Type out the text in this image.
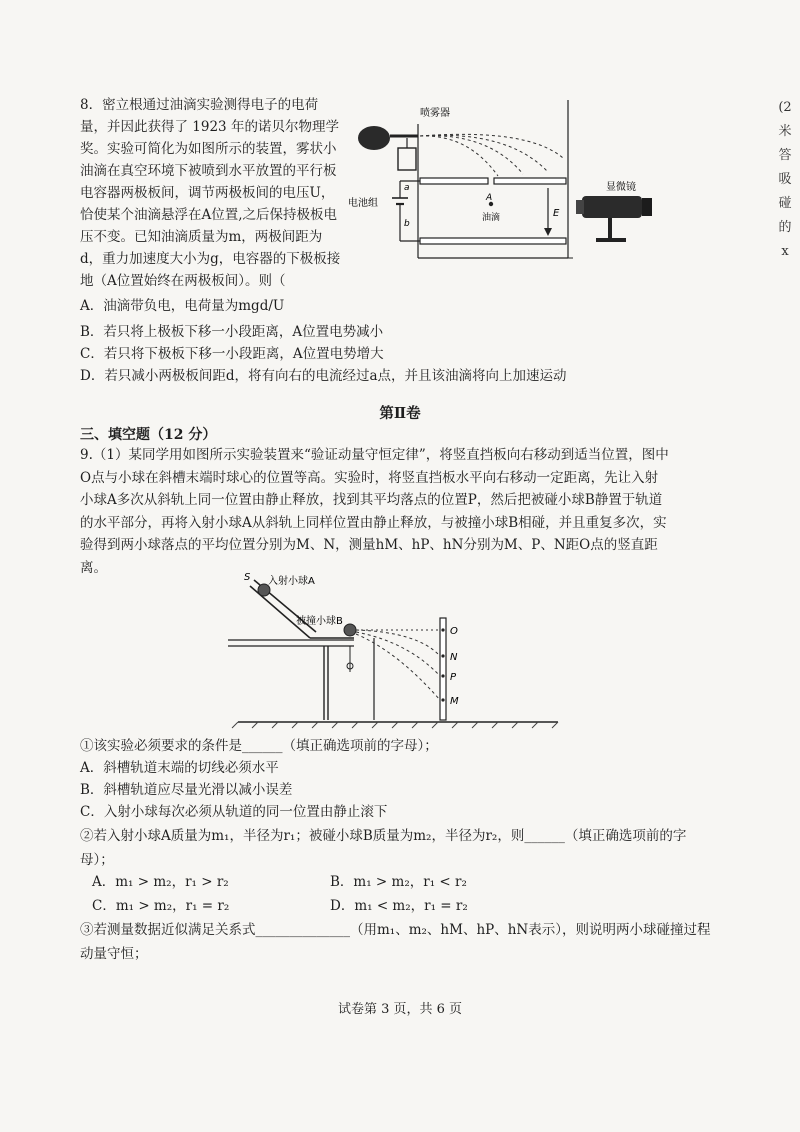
8．密立根通过油滴实验测得电子的电荷量，并因此获得了 1923 年的诺贝尔物理学奖。实验可简化为如图所示的装置，雾状小油滴在真空环境下被喷到水平放置的平行板电容器两极板间，调节两极板间的电压U，恰使某个油滴悬浮在A位置,之后保持极板电压不变。已知油滴质量为m，两极间距为d，重力加速度大小为g，电容器的下极板接地（A位置始终在两极板间）。则（

喷雾器
电池组
a
b
A
油滴	E
显微镜
A．油滴带负电，电荷量为mgd/U
B．若只将上极板下移一小段距离，A位置电势减小
C．若只将下极板下移一小段距离，A位置电势增大
D．若只减小两极板间距d，将有向右的电流经过a点，并且该油滴将向上加速运动
第Ⅱ卷
三、填空题（12 分）

9.（1）某同学用如图所示实验装置来“验证动量守恒定律”，将竖直挡板向右移动到适当位置，图中O点与小球在斜槽末端时球心的位置等高。实验时，将竖直挡板水平向右移动一定距离，先让入射小球A多次从斜轨上同一位置由静止释放，找到其平均落点的位置P，然后把被碰小球B静置于轨道的水平部分，再将入射小球A从斜轨上同样位置由静止释放，与被撞小球B相碰，并且重复多次，实验得到两小球落点的平均位置分别为M、N，测量hM、hP、hN分别为M、P、N距O点的竖直距离。

S 入射小球A
被撞小球B
O
N
P
M
①该实验必须要求的条件是______（填正确选项前的字母）；
A．斜槽轨道末端的切线必须水平
B．斜槽轨道应尽量光滑以减小误差
C．入射小球每次必须从轨道的同一位置由静止滚下
②若入射小球A质量为m₁，半径为r₁；被碰小球B质量为m₂，半径为r₂，则______（填正确选项前的字母）；
A．m₁ > m₂，r₁ > r₂	B．m₁ > m₂，r₁ < r₂
C．m₁ > m₂，r₁ = r₂	D．m₁ < m₂，r₁ = r₂
③若测量数据近似满足关系式______________（用m₁、m₂、hM、hP、hN表示），则说明两小球碰撞过程动量守恒；
试卷第 3 页，共 6 页
(2
米
答
吸
碰
的
x
